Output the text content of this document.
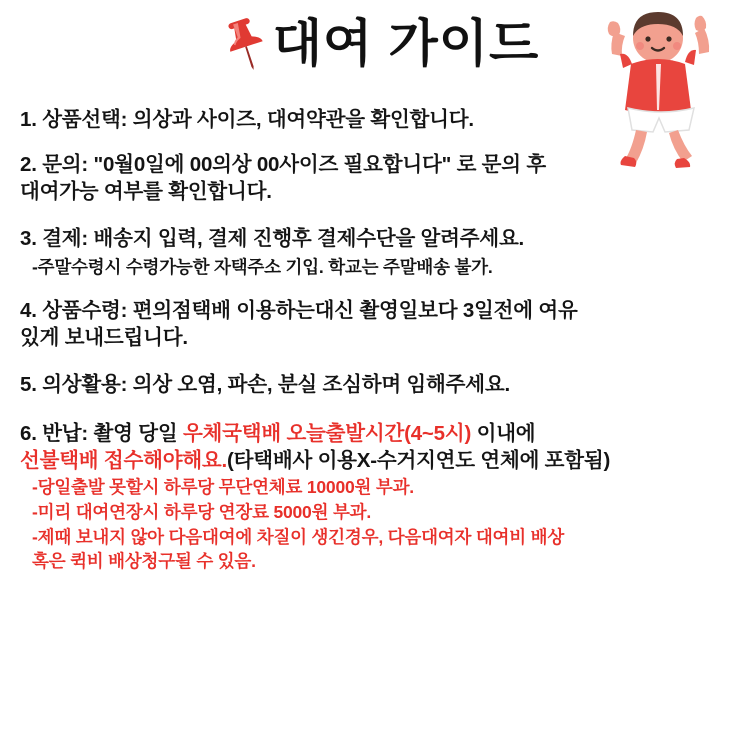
대여 가이드
1. 상품선택: 의상과 사이즈, 대여약관을 확인합니다.
2. 문의: "0월0일에 00의상 00사이즈 필요합니다" 로 문의 후
대여가능 여부를 확인합니다.
3. 결제: 배송지 입력, 결제 진행후 결제수단을 알려주세요.
-주말수령시 수령가능한 자택주소 기입. 학교는 주말배송 불가.
4. 상품수령: 편의점택배 이용하는대신 촬영일보다 3일전에 여유
있게 보내드립니다.
5. 의상활용: 의상 오염, 파손, 분실 조심하며 임해주세요.
6. 반납: 촬영 당일 우체국택배 오늘출발시간(4~5시) 이내에
선불택배 접수해야해요.(타택배사 이용X-수거지연도 연체에 포함됨)
-당일출발 못할시 하루당 무단연체료 10000원 부과.
-미리 대여연장시 하루당 연장료 5000원 부과.
-제때 보내지 않아 다음대여에 차질이 생긴경우, 다음대여자 대여비 배상
혹은 퀵비 배상청구될 수 있음.
